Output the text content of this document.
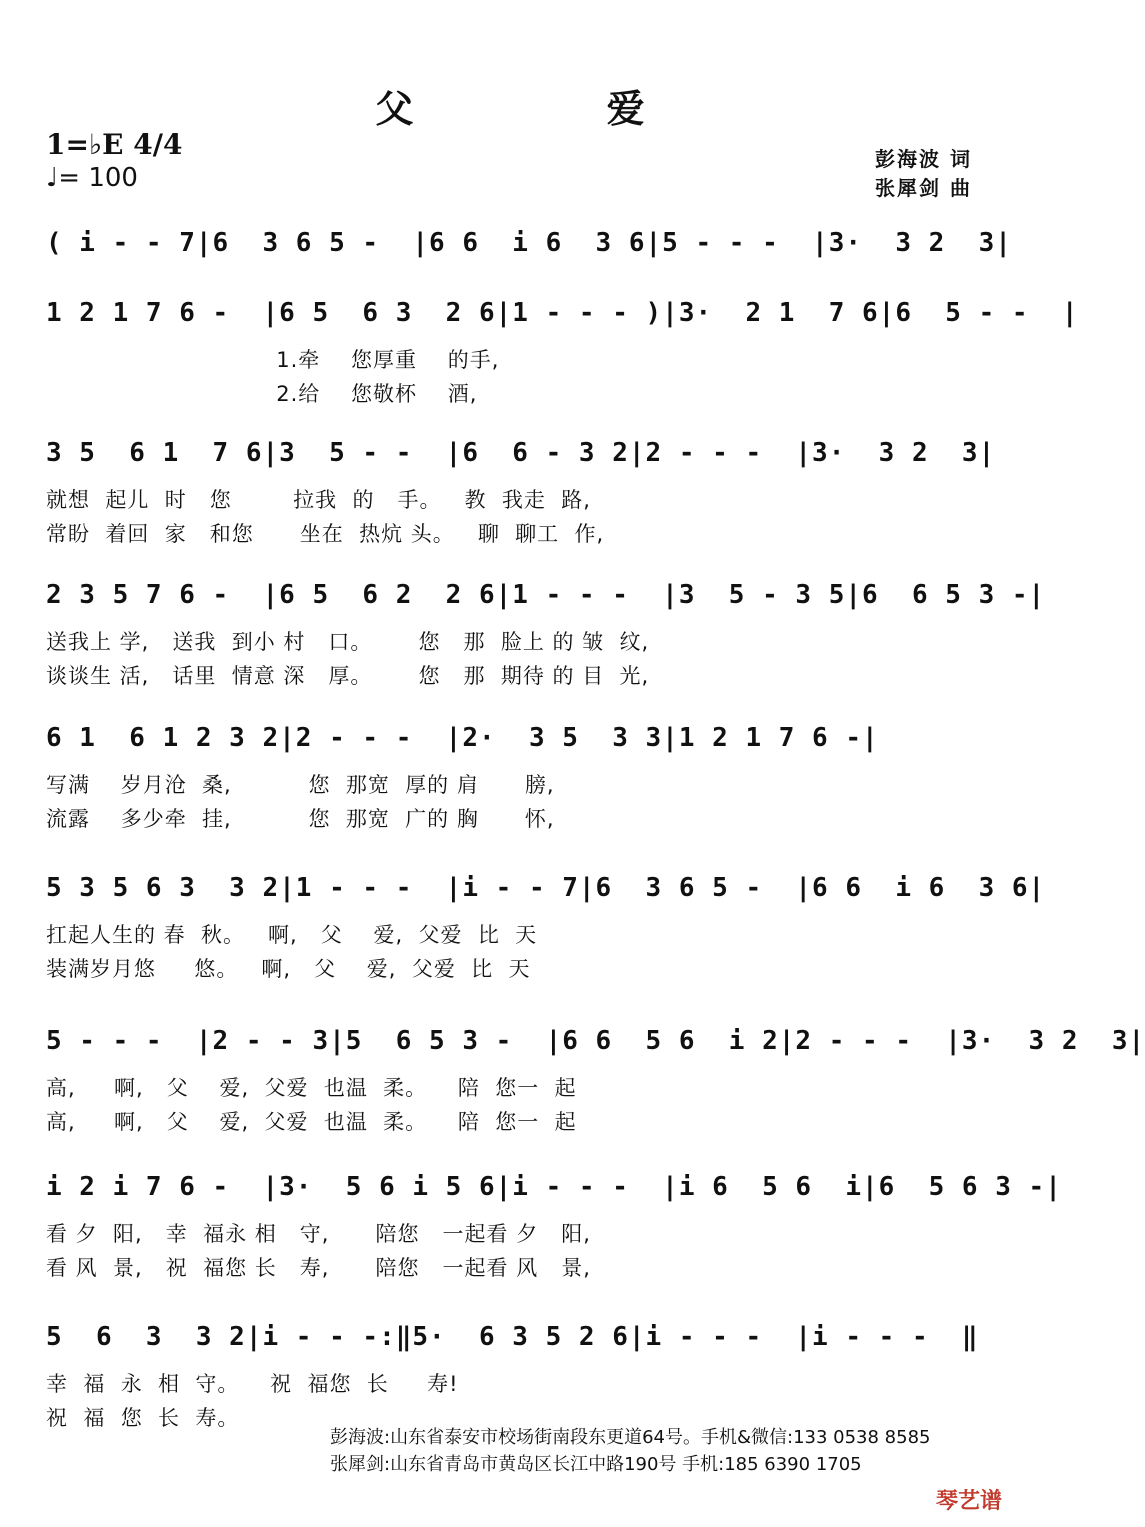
父 爱
1=♭E 4/4
♩= 100
彭海波 词
张犀剑 曲
( i - - 7|6  3 6 5 -  |6 6  i 6  3 6|5 - - -  |3·  3 2  3|
1 2 1 7 6 -  |6 5  6 3  2 6|1 - - - )|3·  2 1  7 6|6  5 - -  |
1.牵    您厚重    的手,
2.给    您敬杯    酒,
3 5  6 1  7 6|3  5 - -  |6  6 - 3 2|2 - - -  |3·  3 2  3|
就想  起儿  时   您        拉我  的   手。   教  我走  路,
常盼  着回  家   和您      坐在  热炕 头。   聊  聊工  作,
2 3 5 7 6 -  |6 5  6 2  2 6|1 - - -  |3  5 - 3 5|6  6 5 3 -|
送我上 学,   送我  到小 村   口。      您   那  脸上 的 皱  纹,
谈谈生 活,   话里  情意 深   厚。      您   那  期待 的 目  光,
6 1  6 1 2 3 2|2 - - -  |2·  3 5  3 3|1 2 1 7 6 -|
写满    岁月沧  桑,          您  那宽  厚的 肩      膀,
流露    多少牵  挂,          您  那宽  广的 胸      怀,
5 3 5 6 3  3 2|1 - - -  |i - - 7|6  3 6 5 -  |6 6  i 6  3 6|
扛起人生的 春  秋。   啊,   父    爱,  父爱  比  天
装满岁月悠     悠。   啊,   父    爱,  父爱  比  天
5 - - -  |2 - - 3|5  6 5 3 -  |6 6  5 6  i 2|2 - - -  |3·  3 2  3|
高,     啊,   父    爱,  父爱  也温  柔。    陪  您一  起
高,     啊,   父    爱,  父爱  也温  柔。    陪  您一  起
i 2 i 7 6 -  |3·  5 6 i 5 6|i - - -  |i 6  5 6  i|6  5 6 3 -|
看 夕  阳,   幸  福永 相   守,      陪您   一起看 夕   阳,
看 风  景,   祝  福您 长   寿,      陪您   一起看 风   景,
5  6  3  3 2|i - - -:‖5·  6 3 5 2 6|i - - -  |i - - -  ‖
幸  福  永  相  守。    祝  福您  长     寿!
祝  福  您  长  寿。
彭海波:山东省泰安市校场街南段东更道64号。手机&微信:133 0538 8585
张犀剑:山东省青岛市黄岛区长江中路190号 手机:185 6390 1705
琴艺谱
